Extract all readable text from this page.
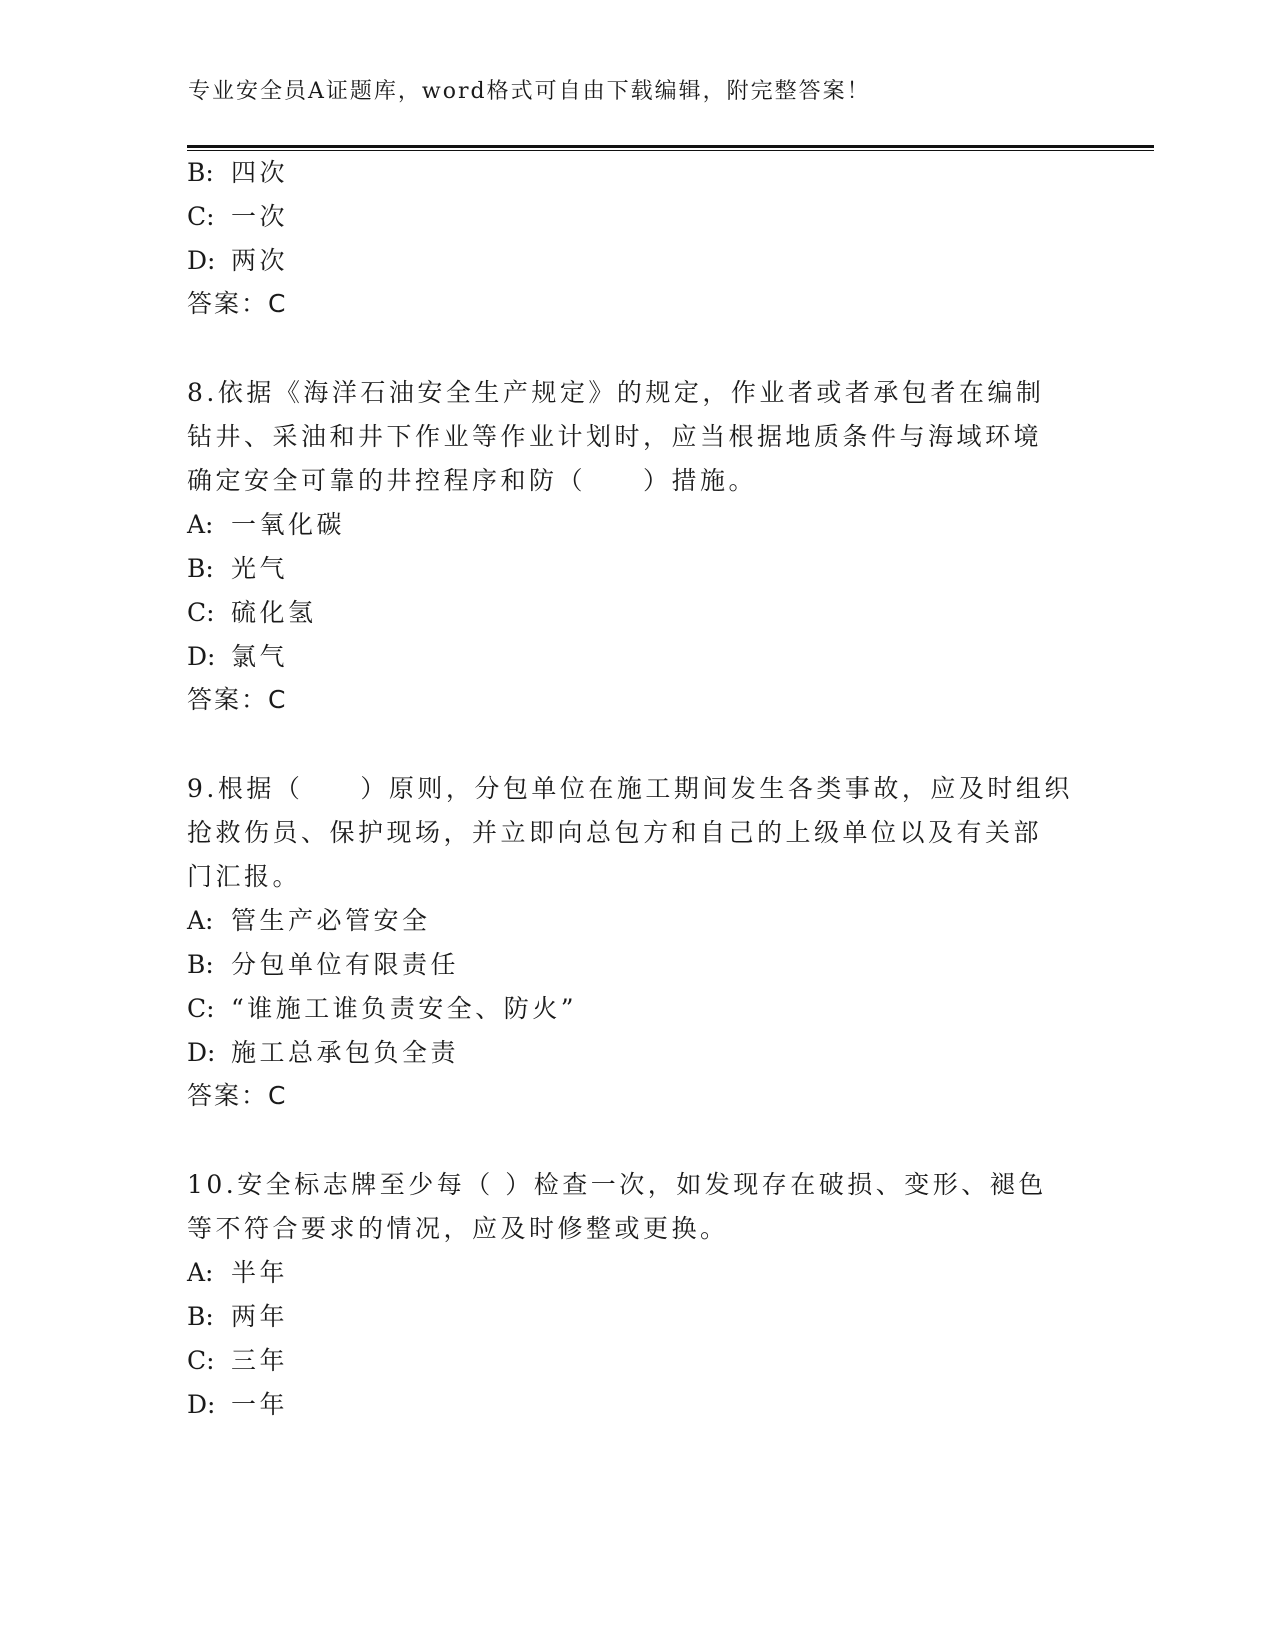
专业安全员A证题库，word格式可自由下载编辑，附完整答案！
B: 四次
C: 一次
D: 两次
答案：C
8.依据《海洋石油安全生产规定》的规定，作业者或者承包者在编制
钻井、采油和井下作业等作业计划时，应当根据地质条件与海域环境
确定安全可靠的井控程序和防（　　）措施。
A: 一氧化碳
B: 光气
C: 硫化氢
D: 氯气
答案：C
9.根据（　　）原则，分包单位在施工期间发生各类事故，应及时组织
抢救伤员、保护现场，并立即向总包方和自己的上级单位以及有关部
门汇报。
A: 管生产必管安全
B: 分包单位有限责任
C: “谁施工谁负责安全、防火”
D: 施工总承包负全责
答案：C
10.安全标志牌至少每（ ）检查一次，如发现存在破损、变形、褪色
等不符合要求的情况，应及时修整或更换。
A: 半年
B: 两年
C: 三年
D: 一年
